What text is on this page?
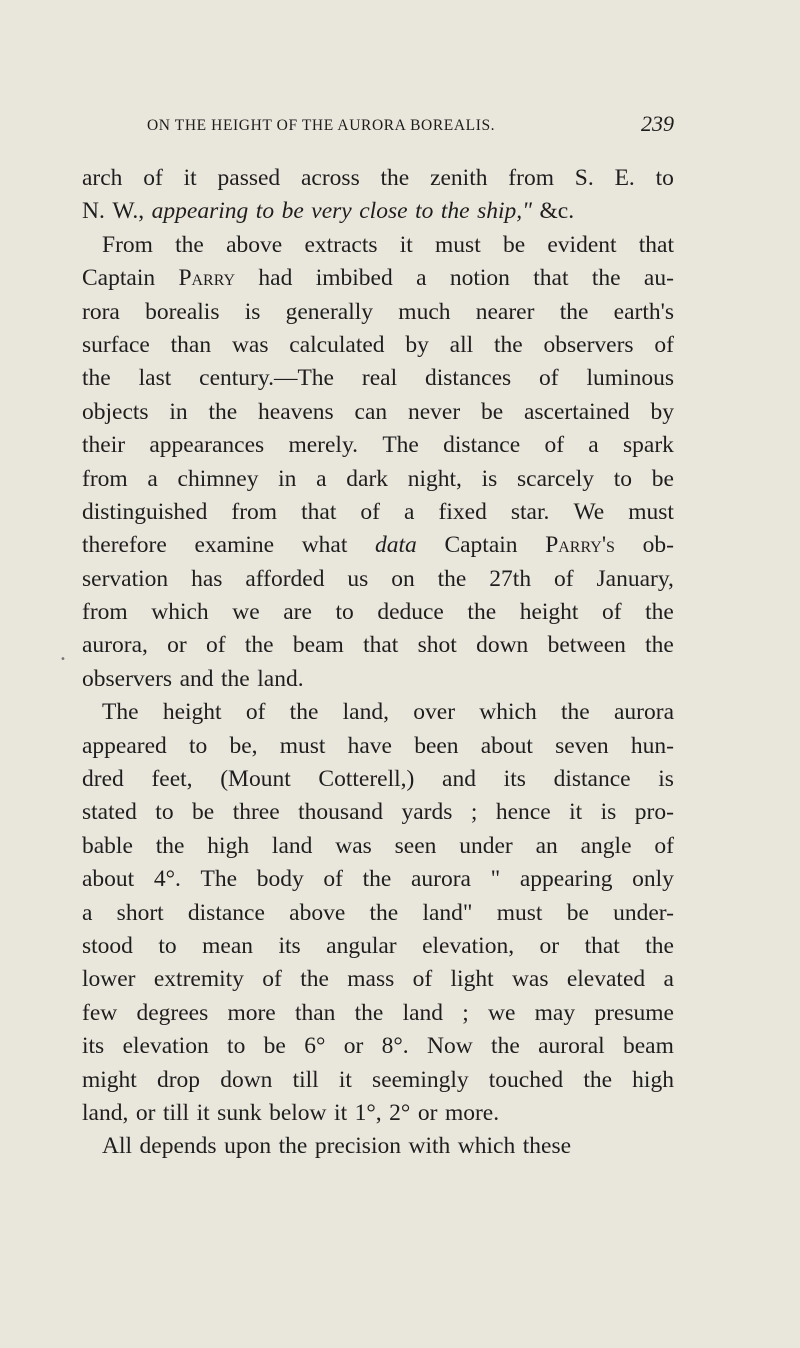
ON THE HEIGHT OF THE AURORA BOREALIS.	239
arch of it passed across the zenith from S. E. to
N. W., appearing to be very close to the ship," &c.
From the above extracts it must be evident that
Captain Parry had imbibed a notion that the au-
rora borealis is generally much nearer the earth's
surface than was calculated by all the observers of
the last century.—The real distances of luminous
objects in the heavens can never be ascertained by
their appearances merely. The distance of a spark
from a chimney in a dark night, is scarcely to be
distinguished from that of a fixed star. We must
therefore examine what data Captain Parry's ob-
servation has afforded us on the 27th of January,
from which we are to deduce the height of the
aurora, or of the beam that shot down between the
observers and the land.
The height of the land, over which the aurora
appeared to be, must have been about seven hun-
dred feet, (Mount Cotterell,) and its distance is
stated to be three thousand yards ; hence it is pro-
bable the high land was seen under an angle of
about 4°. The body of the aurora " appearing only
a short distance above the land" must be under-
stood to mean its angular elevation, or that the
lower extremity of the mass of light was elevated a
few degrees more than the land ; we may presume
its elevation to be 6° or 8°. Now the auroral beam
might drop down till it seemingly touched the high
land, or till it sunk below it 1°, 2° or more.
All depends upon the precision with which these
•
